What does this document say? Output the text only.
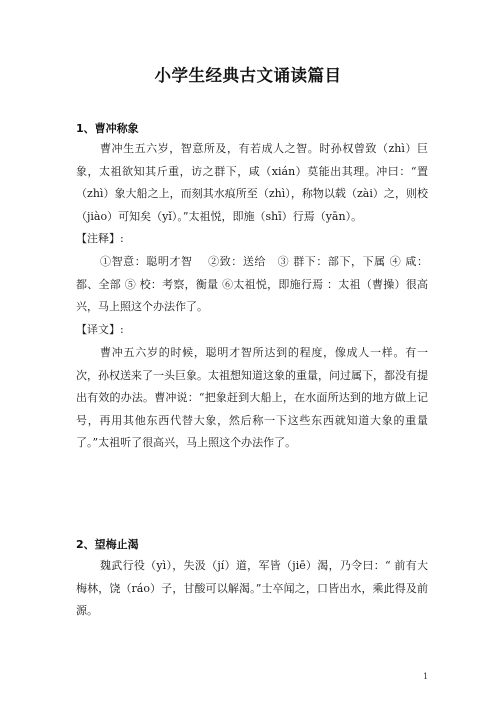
小学生经典古文诵读篇目
1、曹冲称象
曹冲生五六岁，智意所及，有若成人之智。时孙权曾致（zhì）巨象，太祖欲知其斤重，访之群下，咸（xián）莫能出其理。冲曰：“置（zhì）象大船之上，而刻其水痕所至（zhì），称物以载（zài）之，则校（jiào）可知矣（yǐ）。”太祖悦，即施（shī）行焉（yān）。
【注释】:
①智意：聪明才智　 ②致：送给　③ 群下：部下，下属 ④ 咸：都、全部 ⑤ 校：考察，衡量 ⑥太祖悦，即施行焉 ：太祖（曹操）很高兴，马上照这个办法作了。
【译文】:
曹冲五六岁的时候，聪明才智所达到的程度，像成人一样。有一次，孙权送来了一头巨象。太祖想知道这象的重量，问过属下，都没有提出有效的办法。曹冲说：“把象赶到大船上，在水面所达到的地方做上记号，再用其他东西代替大象，然后称一下这些东西就知道大象的重量了。”太祖听了很高兴，马上照这个办法作了。
2、望梅止渴
魏武行役（yì），失汲（jí）道，军皆（jiē）渴，乃令曰：“ 前有大梅林，饶（ráo）子，甘酸可以解渴。”士卒闻之，口皆出水，乘此得及前源。
1
